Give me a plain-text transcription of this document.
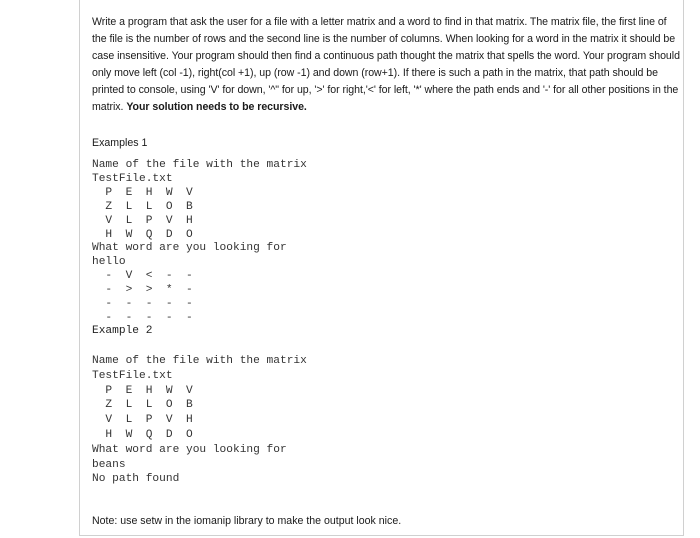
Write a program that ask the user for a file with a letter matrix and a word to find in that matrix. The matrix file, the first line of the file is the number of rows and the second line is the number of columns. When looking for a word in the matrix it should be case insensitive. Your program should then find a continuous path thought the matrix that spells the word. Your program should only move left (col -1), right(col +1), up (row -1) and down (row+1). If there is such a path in the matrix, that path should be printed to console, using 'V' for down, '^" for up, '>' for right,'<' for left, '*' where the path ends and '-' for all other positions in the matrix. Your solution needs to be recursive.

Examples 1
Name of the file with the matrix
TestFile.txt
P  E  H  W  V
Z  L  L  O  B
V  L  P  V  H
H  W  Q  D  O
What word are you looking for
hello
-  V  <  -  -
-  >  >  *  -
-  -  -  -  -
-  -  -  -  -
Example 2
Name of the file with the matrix
TestFile.txt
P  E  H  W  V
Z  L  L  O  B
V  L  P  V  H
H  W  Q  D  O
What word are you looking for
beans
No path found
Note: use setw in the iomanip library to make the output look nice.
